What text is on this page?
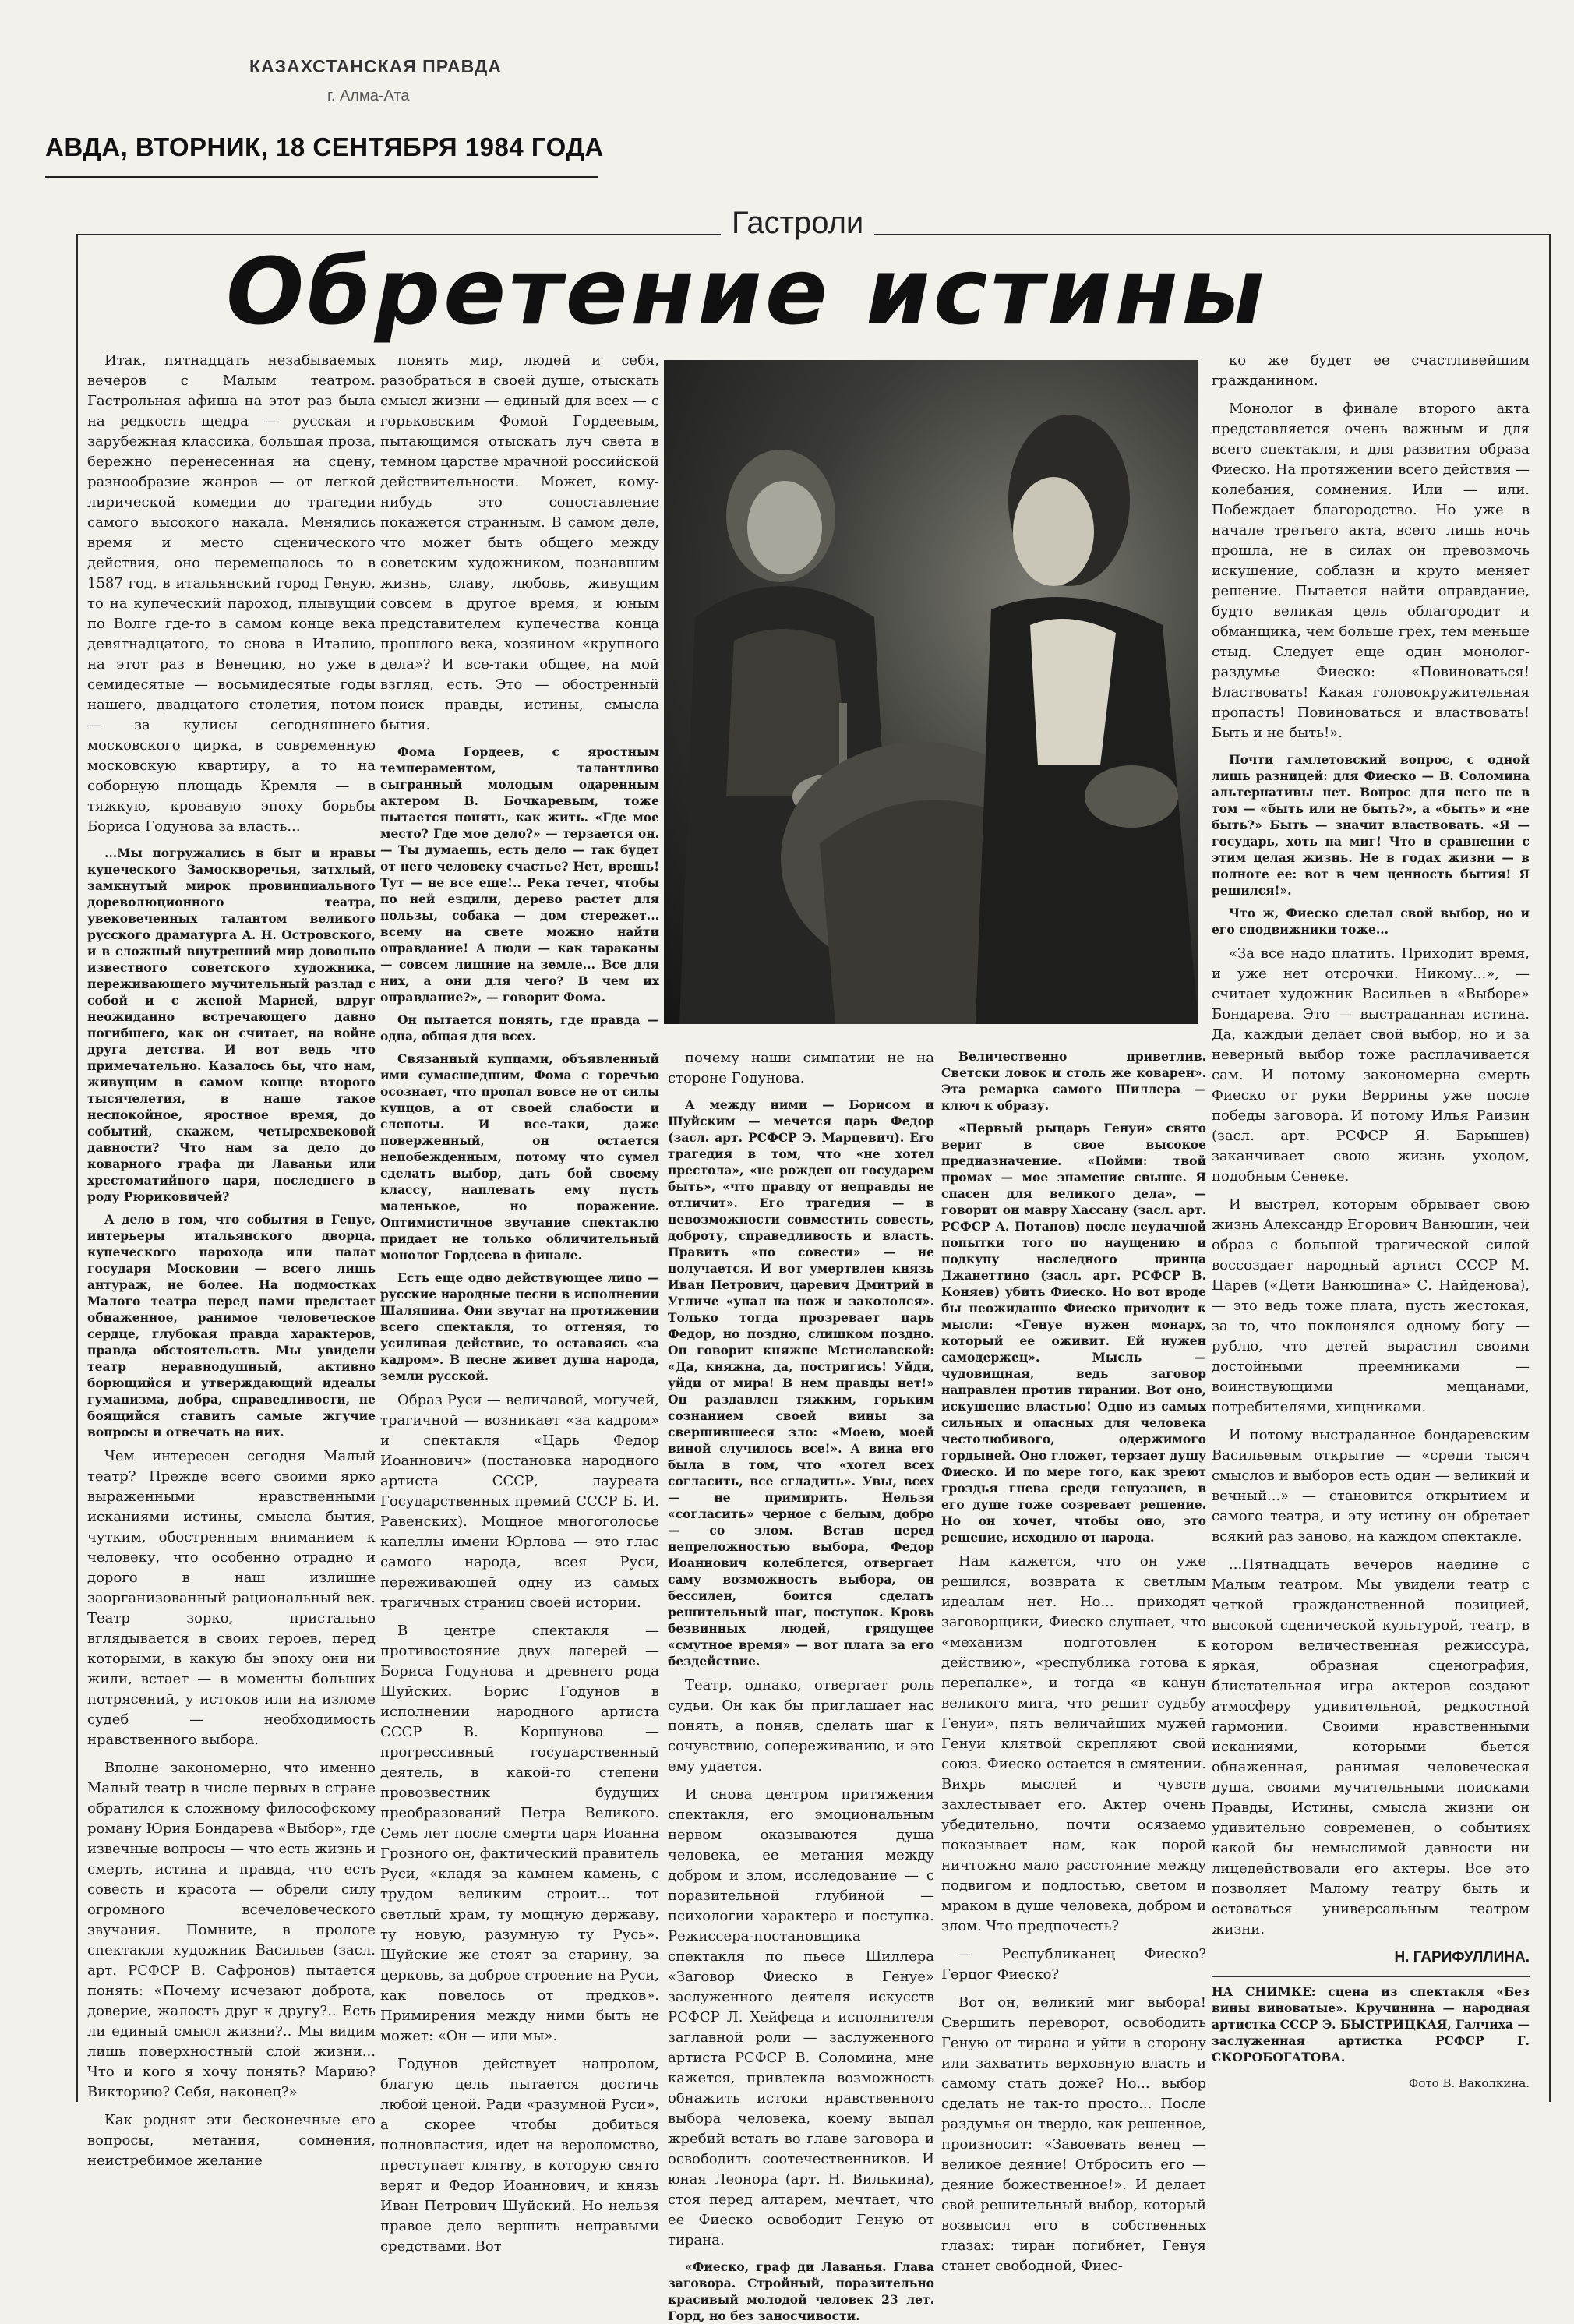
КАЗАХСТАНСКАЯ ПРАВДА
г. Алма-Ата
АВДА, ВТОРНИК, 18 СЕНТЯБРЯ 1984 ГОДА
Гастроли
Обретение истины

Итак, пятнадцать незабываемых вечеров с Малым театром. Гастрольная афиша на этот раз была на редкость щедра — русская и зарубежная классика, большая проза, бережно перенесенная на сцену, разнообразие жанров — от легкой лирической комедии до трагедии самого высокого накала. Менялись время и место сценического действия, оно перемещалось то в 1587 год, в итальянский город Геную, то на купеческий пароход, плывущий по Волге где-то в самом конце века девятнадцатого, то снова в Италию, на этот раз в Венецию, но уже в семидесятые — восьмидесятые годы нашего, двадцатого столетия, потом — за кулисы сегодняшнего московского цирка, в современную московскую квартиру, а то на соборную площадь Кремля — в тяжкую, кровавую эпоху борьбы Бориса Годунова за власть...

...Мы погружались в быт и нравы купеческого Замоскворечья, затхлый, замкнутый мирок провинциального дореволюционного театра, увековеченных талантом великого русского драматурга А. Н. Островского, и в сложный внутренний мир довольно известного советского художника, переживающего мучительный разлад с собой и с женой Марией, вдруг неожиданно встречающего давно погибшего, как он считает, на войне друга детства. И вот ведь что примечательно. Казалось бы, что нам, живущим в самом конце второго тысячелетия, в наше такое неспокойное, яростное время, до событий, скажем, четырехвековой давности? Что нам за дело до коварного графа ди Лаваньи или хрестоматийного царя, последнего в роду Рюриковичей?

А дело в том, что события в Генуе, интерьеры итальянского дворца, купеческого парохода или палат государя Московии — всего лишь антураж, не более. На подмостках Малого театра перед нами предстает обнаженное, ранимое человеческое сердце, глубокая правда характеров, правда обстоятельств. Мы увидели театр неравнодушный, активно борющийся и утверждающий идеалы гуманизма, добра, справедливости, не боящийся ставить самые жгучие вопросы и отвечать на них.

Чем интересен сегодня Малый театр? Прежде всего своими ярко выраженными нравственными исканиями истины, смысла бытия, чутким, обостренным вниманием к человеку, что особенно отрадно и дорого в наш излишне заорганизованный рациональный век. Театр зорко, пристально вглядывается в своих героев, перед которыми, в какую бы эпоху они ни жили, встает — в моменты больших потрясений, у истоков или на изломе судеб — необходимость нравственного выбора.

Вполне закономерно, что именно Малый театр в числе первых в стране обратился к сложному философскому роману Юрия Бондарева «Выбор», где извечные вопросы — что есть жизнь и смерть, истина и правда, что есть совесть и красота — обрели силу огромного всечеловеческого звучания. Помните, в прологе спектакля художник Васильев (засл. арт. РСФСР В. Сафронов) пытается понять: «Почему исчезают доброта, доверие, жалость друг к другу?.. Есть ли единый смысл жизни?.. Мы видим лишь поверхностный слой жизни... Что и кого я хочу понять? Марию? Викторию? Себя, наконец?»

Как роднят эти бесконечные его вопросы, метания, сомнения, неистребимое желание

понять мир, людей и себя, разобраться в своей душе, отыскать смысл жизни — единый для всех — с горьковским Фомой Гордеевым, пытающимся отыскать луч света в темном царстве мрачной российской действительности. Может, кому-нибудь это сопоставление покажется странным. В самом деле, что может быть общего между советским художником, познавшим жизнь, славу, любовь, живущим совсем в другое время, и юным представителем купечества конца прошлого века, хозяином «крупного дела»? И все-таки общее, на мой взгляд, есть. Это — обостренный поиск правды, истины, смысла бытия.

Фома Гордеев, с яростным темпераментом, талантливо сыгранный молодым одаренным актером В. Бочкаревым, тоже пытается понять, как жить. «Где мое место? Где мое дело?» — терзается он. — Ты думаешь, есть дело — так будет от него человеку счастье? Нет, врешь! Тут — не все еще!.. Река течет, чтобы по ней ездили, дерево растет для пользы, собака — дом стережет... всему на свете можно найти оправдание! А люди — как тараканы — совсем лишние на земле... Все для них, а они для чего? В чем их оправдание?», — говорит Фома.

Он пытается понять, где правда — одна, общая для всех.

Связанный купцами, объявленный ими сумасшедшим, Фома с горечью осознает, что пропал вовсе не от силы купцов, а от своей слабости и слепоты. И все-таки, даже поверженный, он остается непобежденным, потому что сумел сделать выбор, дать бой своему классу, наплевать ему пусть маленькое, но поражение. Оптимистичное звучание спектаклю придает не только обличительный монолог Гордеева в финале.

Есть еще одно действующее лицо — русские народные песни в исполнении Шаляпина. Они звучат на протяжении всего спектакля, то оттеняя, то усиливая действие, то оставаясь «за кадром». В песне живет душа народа, земли русской.

Образ Руси — величавой, могучей, трагичной — возникает «за кадром» и спектакля «Царь Федор Иоаннович» (постановка народного артиста СССР, лауреата Государственных премий СССР Б. И. Равенских). Мощное многоголосье капеллы имени Юрлова — это глас самого народа, всея Руси, переживающей одну из самых трагичных страниц своей истории.

В центре спектакля — противостояние двух лагерей — Бориса Годунова и древнего рода Шуйских. Борис Годунов в исполнении народного артиста СССР В. Коршунова — прогрессивный государственный деятель, в какой-то степени провозвестник будущих преобразований Петра Великого. Семь лет после смерти царя Иоанна Грозного он, фактический правитель Руси, «кладя за камнем камень, с трудом великим строит... тот светлый храм, ту мощную державу, ту новую, разумную ту Русь». Шуйские же стоят за старину, за церковь, за доброе строение на Руси, как повелось от предков». Примирения между ними быть не может: «Он — или мы».

Годунов действует напролом, благую цель пытается достичь любой ценой. Ради «разумной Руси», а скорее чтобы добиться полновластия, идет на вероломство, преступает клятву, в которую свято верят и Федор Иоаннович, и князь Иван Петрович Шуйский. Но нельзя правое дело вершить неправыми средствами. Вот

почему наши симпатии не на стороне Годунова.

А между ними — Борисом и Шуйским — мечется царь Федор (засл. арт. РСФСР Э. Марцевич). Его трагедия в том, что «не хотел престола», «не рожден он государем быть», «что правду от неправды не отличит». Его трагедия — в невозможности совместить совесть, доброту, справедливость и власть. Править «по совести» — не получается. И вот умертвлен князь Иван Петрович, царевич Дмитрий в Угличе «упал на нож и закололся». Только тогда прозревает царь Федор, но поздно, слишком поздно. Он говорит княжне Мстиславской: «Да, княжна, да, постригись! Уйди, уйди от мира! В нем правды нет!» Он раздавлен тяжким, горьким сознанием своей вины за свершившееся зло: «Моею, моей виной случилось все!». А вина его была в том, что «хотел всех согласить, все сгладить». Увы, всех — не примирить. Нельзя «согласить» черное с белым, добро — со злом. Встав перед непреложностью выбора, Федор Иоаннович колеблется, отвергает саму возможность выбора, он бессилен, боится сделать решительный шаг, поступок. Кровь безвинных людей, грядущее «смутное время» — вот плата за его бездействие.

Театр, однако, отвергает роль судьи. Он как бы приглашает нас понять, а поняв, сделать шаг к сочувствию, сопереживанию, и это ему удается.

И снова центром притяжения спектакля, его эмоциональным нервом оказываются душа человека, ее метания между добром и злом, исследование — с поразительной глубиной — психологии характера и поступка. Режиссера-постановщика спектакля по пьесе Шиллера «Заговор Фиеско в Генуе» заслуженного деятеля искусств РСФСР Л. Хейфеца и исполнителя заглавной роли — заслуженного артиста РСФСР В. Соломина, мне кажется, привлекла возможность обнажить истоки нравственного выбора человека, коему выпал жребий встать во главе заговора и освободить соотечественников. И юная Леонора (арт. Н. Вилькина), стоя перед алтарем, мечтает, что ее Фиеско освободит Геную от тирана.

«Фиеско, граф ди Лаванья. Глава заговора. Стройный, поразительно красивый молодой человек 23 лет. Горд, но без заносчивости.

Величественно приветлив. Светски ловок и столь же коварен». Эта ремарка самого Шиллера — ключ к образу.

«Первый рыцарь Генуи» свято верит в свое высокое предназначение. «Пойми: твой промах — мое знамение свыше. Я спасен для великого дела», — говорит он мавру Хассану (засл. арт. РСФСР А. Потапов) после неудачной попытки того по наущению и подкупу наследного принца Джанеттино (засл. арт. РСФСР В. Коняев) убить Фиеско. Но вот вроде бы неожиданно Фиеско приходит к мысли: «Генуе нужен монарх, который ее оживит. Ей нужен самодержец». Мысль — чудовищная, ведь заговор направлен против тирании. Вот оно, искушение властью! Одно из самых сильных и опасных для человека честолюбивого, одержимого гордыней. Оно гложет, терзает душу Фиеско. И по мере того, как зреют гроздья гнева среди генуэзцев, в его душе тоже созревает решение. Но он хочет, чтобы оно, это решение, исходило от народа.

Нам кажется, что он уже решился, возврата к светлым идеалам нет. Но... приходят заговорщики, Фиеско слушает, что «механизм подготовлен к действию», «республика готова к перепалке», и тогда «в канун великого мига, что решит судьбу Генуи», пять величайших мужей Генуи клятвой скрепляют свой союз. Фиеско остается в смятении. Вихрь мыслей и чувств захлестывает его. Актер очень убедительно, почти осязаемо показывает нам, как порой ничтожно мало расстояние между подвигом и подлостью, светом и мраком в душе человека, добром и злом. Что предпочесть?

— Республиканец Фиеско? Герцог Фиеско?

Вот он, великий миг выбора! Свершить переворот, освободить Геную от тирана и уйти в сторону или захватить верховную власть и самому стать доже? Но... выбор сделать не так-то просто... После раздумья он твердо, как решенное, произносит: «Завоевать венец — великое деяние! Отбросить его — деяние божественное!». И делает свой решительный выбор, который возвысил его в собственных глазах: тиран погибнет, Генуя станет свободной, Фиес-

ко же будет ее счастливейшим гражданином.

Монолог в финале второго акта представляется очень важным и для всего спектакля, и для развития образа Фиеско. На протяжении всего действия — колебания, сомнения. Или — или. Побеждает благородство. Но уже в начале третьего акта, всего лишь ночь прошла, не в силах он превозмочь искушение, соблазн и круто меняет решение. Пытается найти оправдание, будто великая цель облагородит и обманщика, чем больше грех, тем меньше стыд. Следует еще один монолог-раздумье Фиеско: «Повиноваться! Властвовать! Какая головокружительная пропасть! Повиноваться и властвовать! Быть и не быть!».

Почти гамлетовский вопрос, с одной лишь разницей: для Фиеско — В. Соломина альтернативы нет. Вопрос для него не в том — «быть или не быть?», а «быть» и «не быть?» Быть — значит властвовать. «Я — государь, хоть на миг! Что в сравнении с этим целая жизнь. Не в годах жизни — в полноте ее: вот в чем ценность бытия! Я решился!».

Что ж, Фиеско сделал свой выбор, но и его сподвижники тоже...

«За все надо платить. Приходит время, и уже нет отсрочки. Никому...», — считает художник Васильев в «Выборе» Бондарева. Это — выстраданная истина. Да, каждый делает свой выбор, но и за неверный выбор тоже расплачивается сам. И потому закономерна смерть Фиеско от руки Веррины уже после победы заговора. И потому Илья Раизин (засл. арт. РСФСР Я. Барышев) заканчивает свою жизнь уходом, подобным Сенеке.

И выстрел, которым обрывает свою жизнь Александр Егорович Ванюшин, чей образ с большой трагической силой воссоздает народный артист СССР М. Царев («Дети Ванюшина» С. Найденова), — это ведь тоже плата, пусть жестокая, за то, что поклонялся одному богу — рублю, что детей вырастил своими достойными преемниками — воинствующими мещанами, потребителями, хищниками.

И потому выстраданное бондаревским Васильевым открытие — «среди тысяч смыслов и выборов есть один — великий и вечный...» — становится открытием и самого театра, и эту истину он обретает всякий раз заново, на каждом спектакле.

...Пятнадцать вечеров наедине с Малым театром. Мы увидели театр с четкой гражданственной позицией, высокой сценической культурой, театр, в котором величественная режиссура, яркая, образная сценография, блистательная игра актеров создают атмосферу удивительной, редкостной гармонии. Своими нравственными исканиями, которыми бьется обнаженная, ранимая человеческая душа, своими мучительными поисками Правды, Истины, смысла жизни он удивительно современен, о событиях какой бы немыслимой давности ни лицедействовали его актеры. Все это позволяет Малому театру быть и оставаться универсальным театром жизни.

Н. ГАРИФУЛЛИНА.

НА СНИМКЕ: сцена из спектакля «Без вины виноватые». Кручинина — народная артистка СССР Э. БЫСТРИЦКАЯ, Галчиха — заслуженная артистка РСФСР Г. СКОРОБОГАТОВА.

Фото В. Ваколкина.
